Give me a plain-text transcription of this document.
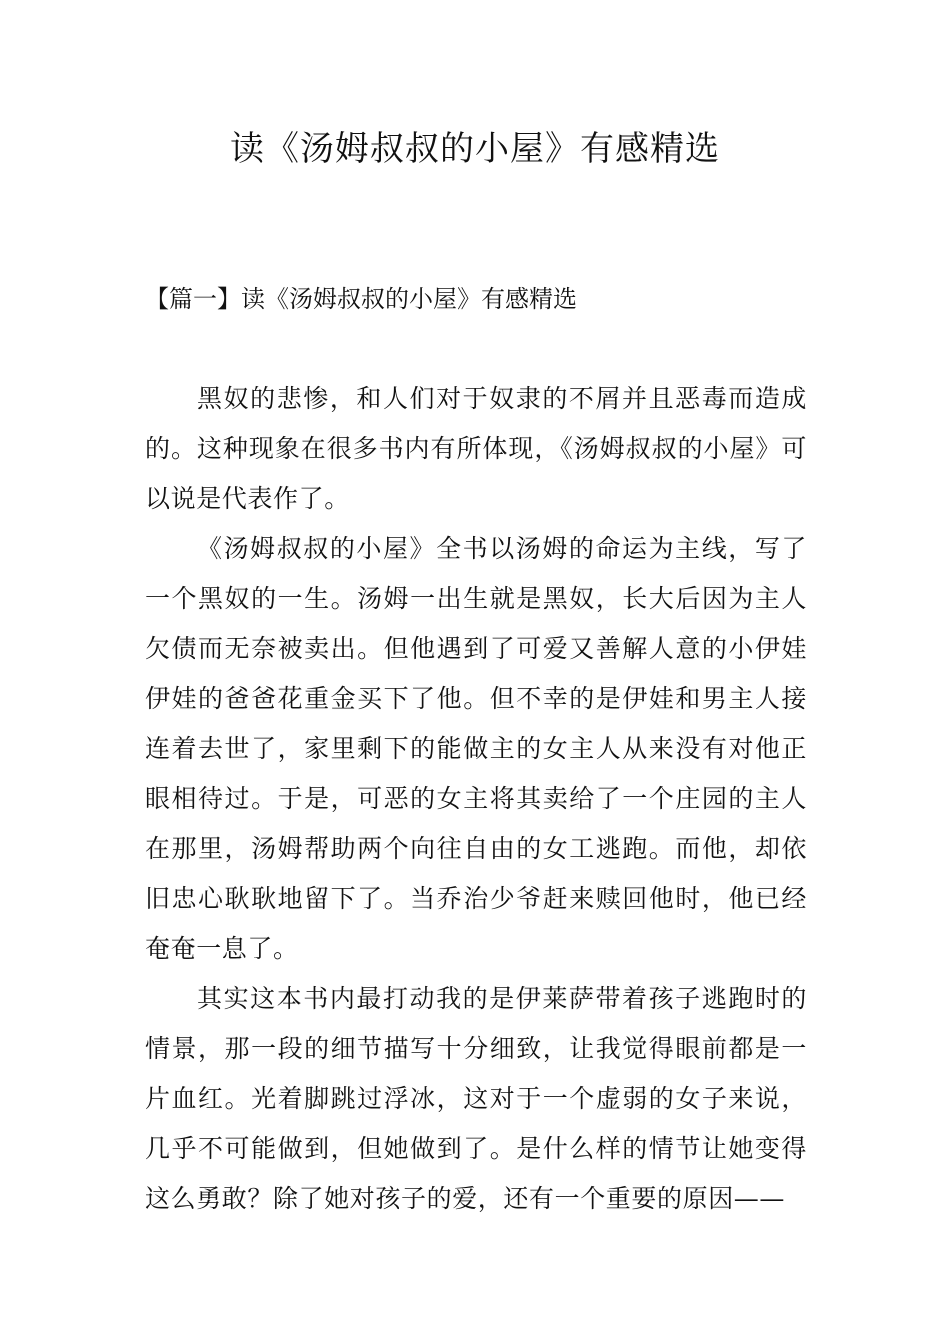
读《汤姆叔叔的小屋》有感精选
【篇一】读《汤姆叔叔的小屋》有感精选

黑奴的悲惨，和人们对于奴隶的不屑并且恶毒而造成的。这种现象在很多书内有所体现，《汤姆叔叔的小屋》可以说是代表作了。

《汤姆叔叔的小屋》全书以汤姆的命运为主线，写了一个黑奴的一生。汤姆一出生就是黑奴，长大后因为主人欠债而无奈被卖出。但他遇到了可爱又善解人意的小伊娃伊娃的爸爸花重金买下了他。但不幸的是伊娃和男主人接连着去世了，家里剩下的能做主的女主人从来没有对他正眼相待过。于是，可恶的女主将其卖给了一个庄园的主人在那里，汤姆帮助两个向往自由的女工逃跑。而他，却依旧忠心耿耿地留下了。当乔治少爷赶来赎回他时，他已经奄奄一息了。

其实这本书内最打动我的是伊莱萨带着孩子逃跑时的情景，那一段的细节描写十分细致，让我觉得眼前都是一片血红。光着脚跳过浮冰，这对于一个虚弱的女子来说，几乎不可能做到，但她做到了。是什么样的情节让她变得这么勇敢？除了她对孩子的爱，还有一个重要的原因——
